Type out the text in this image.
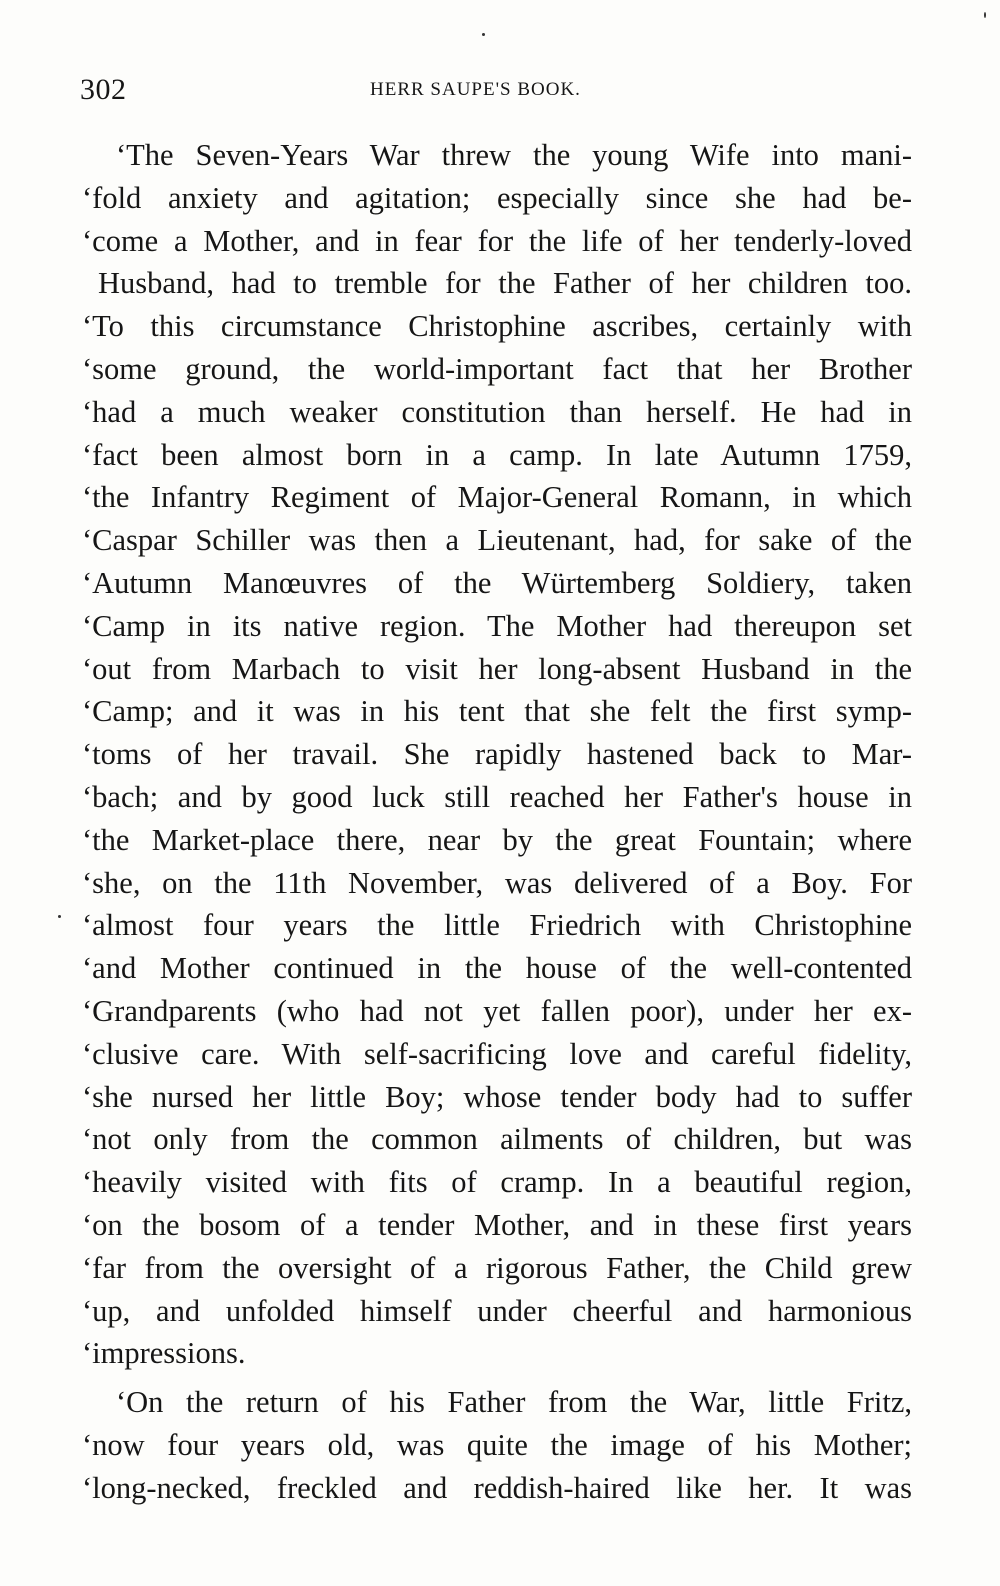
302	HERR SAUPE'S BOOK.
‘The Seven-Years War threw the young Wife into mani-
‘fold anxiety and agitation; especially since she had be-
‘come a Mother, and in fear for the life of her tenderly-loved
Husband, had to tremble for the Father of her children too.
‘To this circumstance Christophine ascribes, certainly with
‘some ground, the world-important fact that her Brother
‘had a much weaker constitution than herself. He had in
‘fact been almost born in a camp. In late Autumn 1759,
‘the Infantry Regiment of Major-General Romann, in which
‘Caspar Schiller was then a Lieutenant, had, for sake of the
‘Autumn Manœuvres of the Würtemberg Soldiery, taken
‘Camp in its native region. The Mother had thereupon set
‘out from Marbach to visit her long-absent Husband in the
‘Camp; and it was in his tent that she felt the first symp-
‘toms of her travail. She rapidly hastened back to Mar-
‘bach; and by good luck still reached her Father's house in
‘the Market-place there, near by the great Fountain; where
‘she, on the 11th November, was delivered of a Boy. For
‘almost four years the little Friedrich with Christophine
‘and Mother continued in the house of the well-contented
‘Grandparents (who had not yet fallen poor), under her ex-
‘clusive care. With self-sacrificing love and careful fidelity,
‘she nursed her little Boy; whose tender body had to suffer
‘not only from the common ailments of children, but was
‘heavily visited with fits of cramp. In a beautiful region,
‘on the bosom of a tender Mother, and in these first years
‘far from the oversight of a rigorous Father, the Child grew
‘up, and unfolded himself under cheerful and harmonious
‘impressions.
‘On the return of his Father from the War, little Fritz,
‘now four years old, was quite the image of his Mother;
‘long-necked, freckled and reddish-haired like her. It was
